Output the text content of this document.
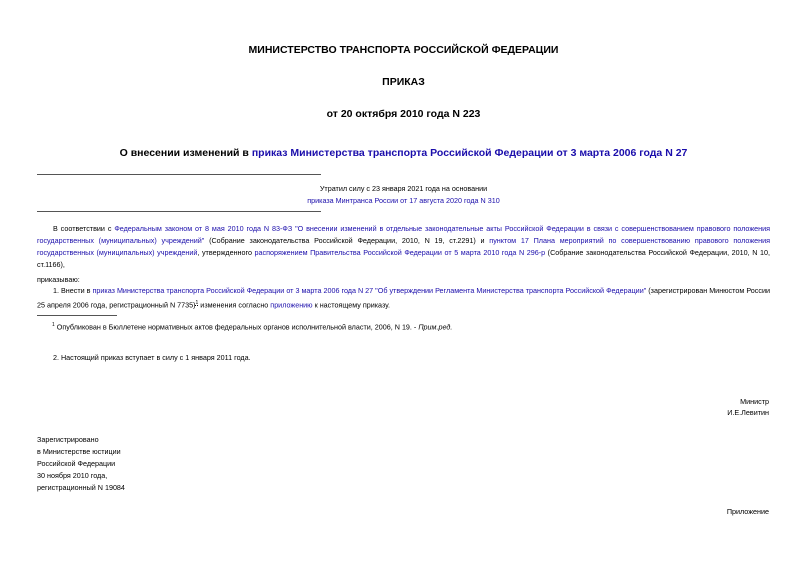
МИНИСТЕРСТВО ТРАНСПОРТА РОССИЙСКОЙ ФЕДЕРАЦИИ
ПРИКАЗ
от 20 октября 2010 года N 223
О внесении изменений в приказ Министерства транспорта Российской Федерации от 3 марта 2006 года N 27
Утратил силу с 23 января 2021 года на основании
приказа Минтранса России от 17 августа 2020 года N 310
В соответствии с Федеральным законом от 8 мая 2010 года N 83-ФЗ "О внесении изменений в отдельные законодательные акты Российской Федерации в связи с совершенствованием правового положения государственных (муниципальных) учреждений" (Собрание законодательства Российской Федерации, 2010, N 19, ст.2291) и пунктом 17 Плана мероприятий по совершенствованию правового положения государственных (муниципальных) учреждений, утвержденного распоряжением Правительства Российской Федерации от 5 марта 2010 года N 296-р (Собрание законодательства Российской Федерации, 2010, N 10, ст.1166),
приказываю:
1. Внести в приказ Министерства транспорта Российской Федерации от 3 марта 2006 года N 27 "Об утверждении Регламента Министерства транспорта Российской Федерации" (зарегистрирован Минюстом России 25 апреля 2006 года, регистрационный N 7735)$^1$ изменения согласно приложению к настоящему приказу.
$^1$ Опубликован в Бюллетене нормативных актов федеральных органов исполнительной власти, 2006, N 19. - Прим.ред.
2. Настоящий приказ вступает в силу с 1 января 2011 года.
Министр
И.Е.Левитин
Зарегистрировано
в Министерстве юстиции
Российской Федерации
30 ноября 2010 года,
регистрационный N 19084
Приложение
